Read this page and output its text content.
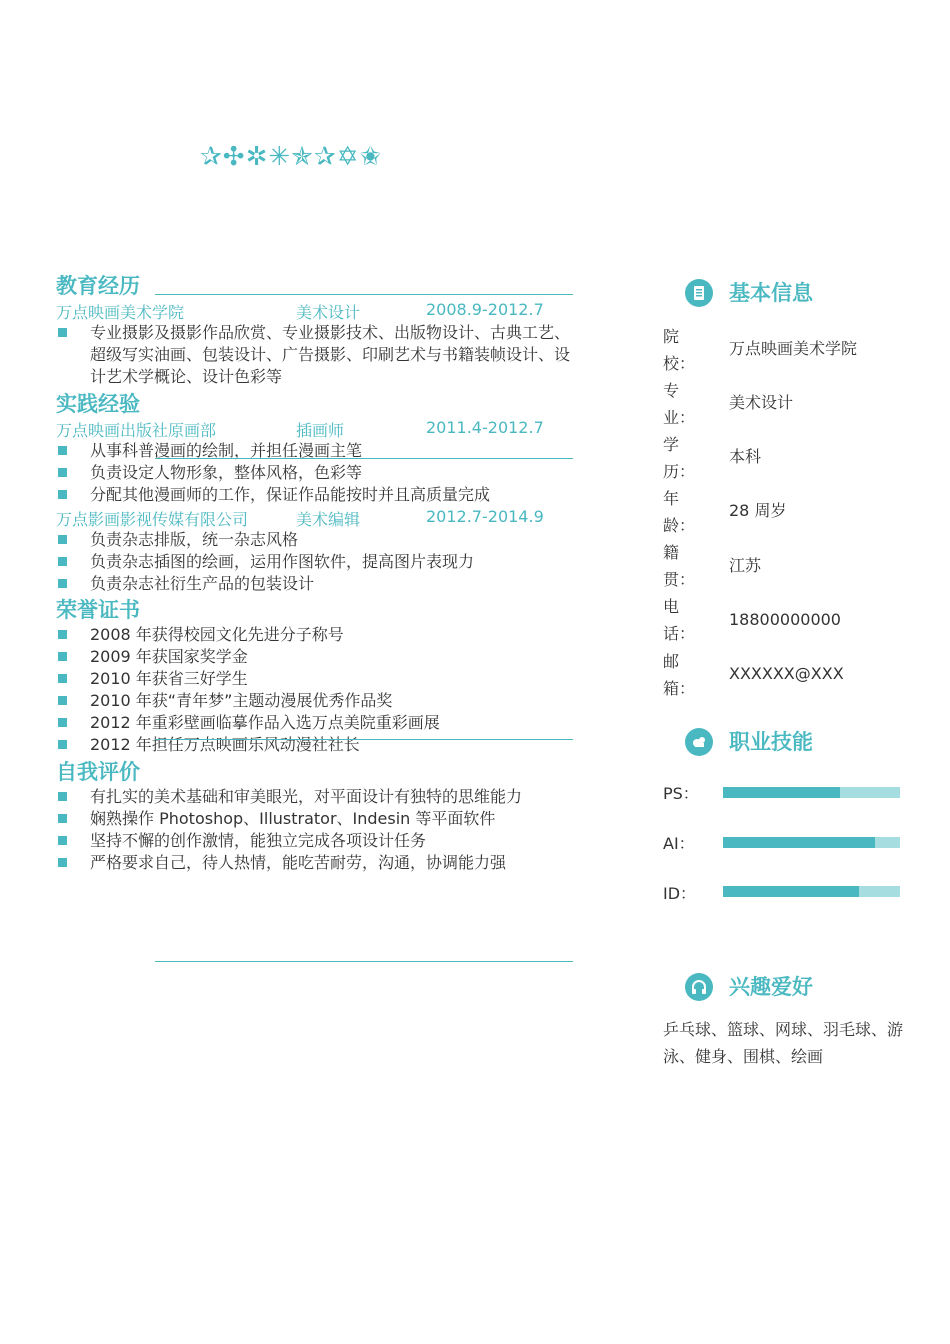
✰✣✲✳✯✰✡✬
教育经历
万点映画美术学院	美术设计	2008.9-2012.7
专业摄影及摄影作品欣赏、专业摄影技术、出版物设计、古典工艺、超级写实油画、包装设计、广告摄影、印刷艺术与书籍装帧设计、设计艺术学概论、设计色彩等
实践经验
万点映画出版社原画部	插画师	2011.4-2012.7
从事科普漫画的绘制，并担任漫画主笔
负责设定人物形象，整体风格，色彩等
分配其他漫画师的工作，保证作品能按时并且高质量完成
万点影画影视传媒有限公司	美术编辑	2012.7-2014.9
负责杂志排版，统一杂志风格
负责杂志插图的绘画，运用作图软件，提高图片表现力
负责杂志社衍生产品的包装设计
荣誉证书
2008 年获得校园文化先进分子称号
2009 年获国家奖学金
2010 年获省三好学生
2010 年获“青年梦”主题动漫展优秀作品奖
2012 年重彩壁画临摹作品入选万点美院重彩画展
2012 年担任万点映画乐风动漫社社长
自我评价
有扎实的美术基础和审美眼光，对平面设计有独特的思维能力
娴熟操作 Photoshop、Illustrator、Indesin 等平面软件
坚持不懈的创作激情，能独立完成各项设计任务
严格要求自己，待人热情，能吃苦耐劳，沟通，协调能力强
基本信息
院校：
万点映画美术学院
专业：
美术设计
学历：
本科
年龄：
28 周岁
籍贯：
江苏
电话：
18800000000
邮箱：
XXXXXX@XXX
职业技能
PS：
AI：
ID：
兴趣爱好
乒乓球、篮球、网球、羽毛球、游泳、健身、围棋、绘画
